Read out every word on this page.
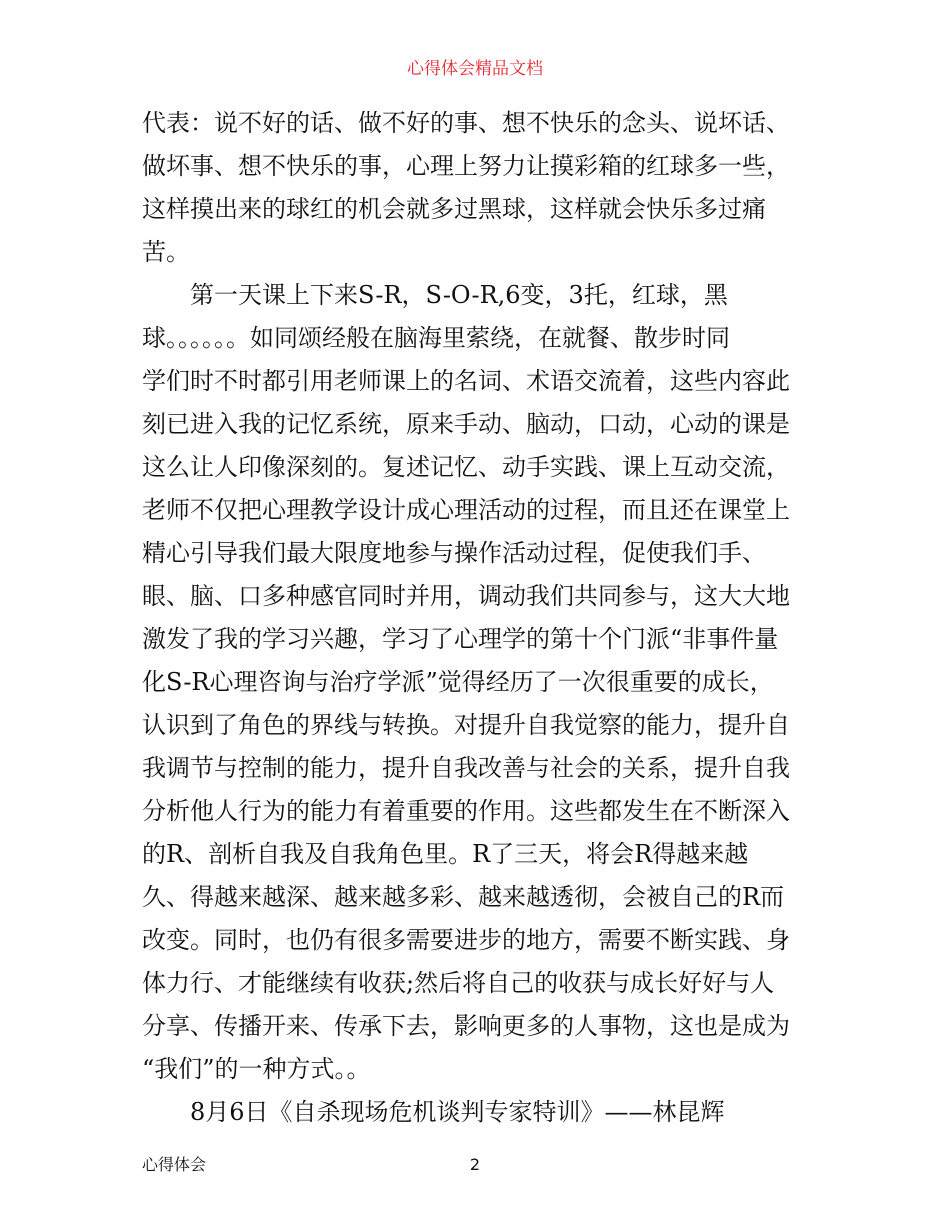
心得体会精品文档
代表：说不好的话、做不好的事、想不快乐的念头、说坏话、
做坏事、想不快乐的事，心理上努力让摸彩箱的红球多一些，
这样摸出来的球红的机会就多过黑球，这样就会快乐多过痛
苦。
第一天课上下来S-R，S-O-R,6变，3托，红球，黑
球。。。。。。如同颂经般在脑海里萦绕，在就餐、散步时同
学们时不时都引用老师课上的名词、术语交流着，这些内容此
刻已进入我的记忆系统，原来手动、脑动，口动，心动的课是
这么让人印像深刻的。复述记忆、动手实践、课上互动交流，
老师不仅把心理教学设计成心理活动的过程，而且还在课堂上
精心引导我们最大限度地参与操作活动过程，促使我们手、
眼、脑、口多种感官同时并用，调动我们共同参与，这大大地
激发了我的学习兴趣，学习了心理学的第十个门派“非事件量
化S-R心理咨询与治疗学派”觉得经历了一次很重要的成长，
认识到了角色的界线与转换。对提升自我觉察的能力，提升自
我调节与控制的能力，提升自我改善与社会的关系，提升自我
分析他人行为的能力有着重要的作用。这些都发生在不断深入
的R、剖析自我及自我角色里。R了三天，将会R得越来越
久、得越来越深、越来越多彩、越来越透彻，会被自己的R而
改变。同时，也仍有很多需要进步的地方，需要不断实践、身
体力行、才能继续有收获;然后将自己的收获与成长好好与人
分享、传播开来、传承下去，影响更多的人事物，这也是成为
“我们”的一种方式。。
8月6日《自杀现场危机谈判专家特训》——林昆辉
心得体会	2
